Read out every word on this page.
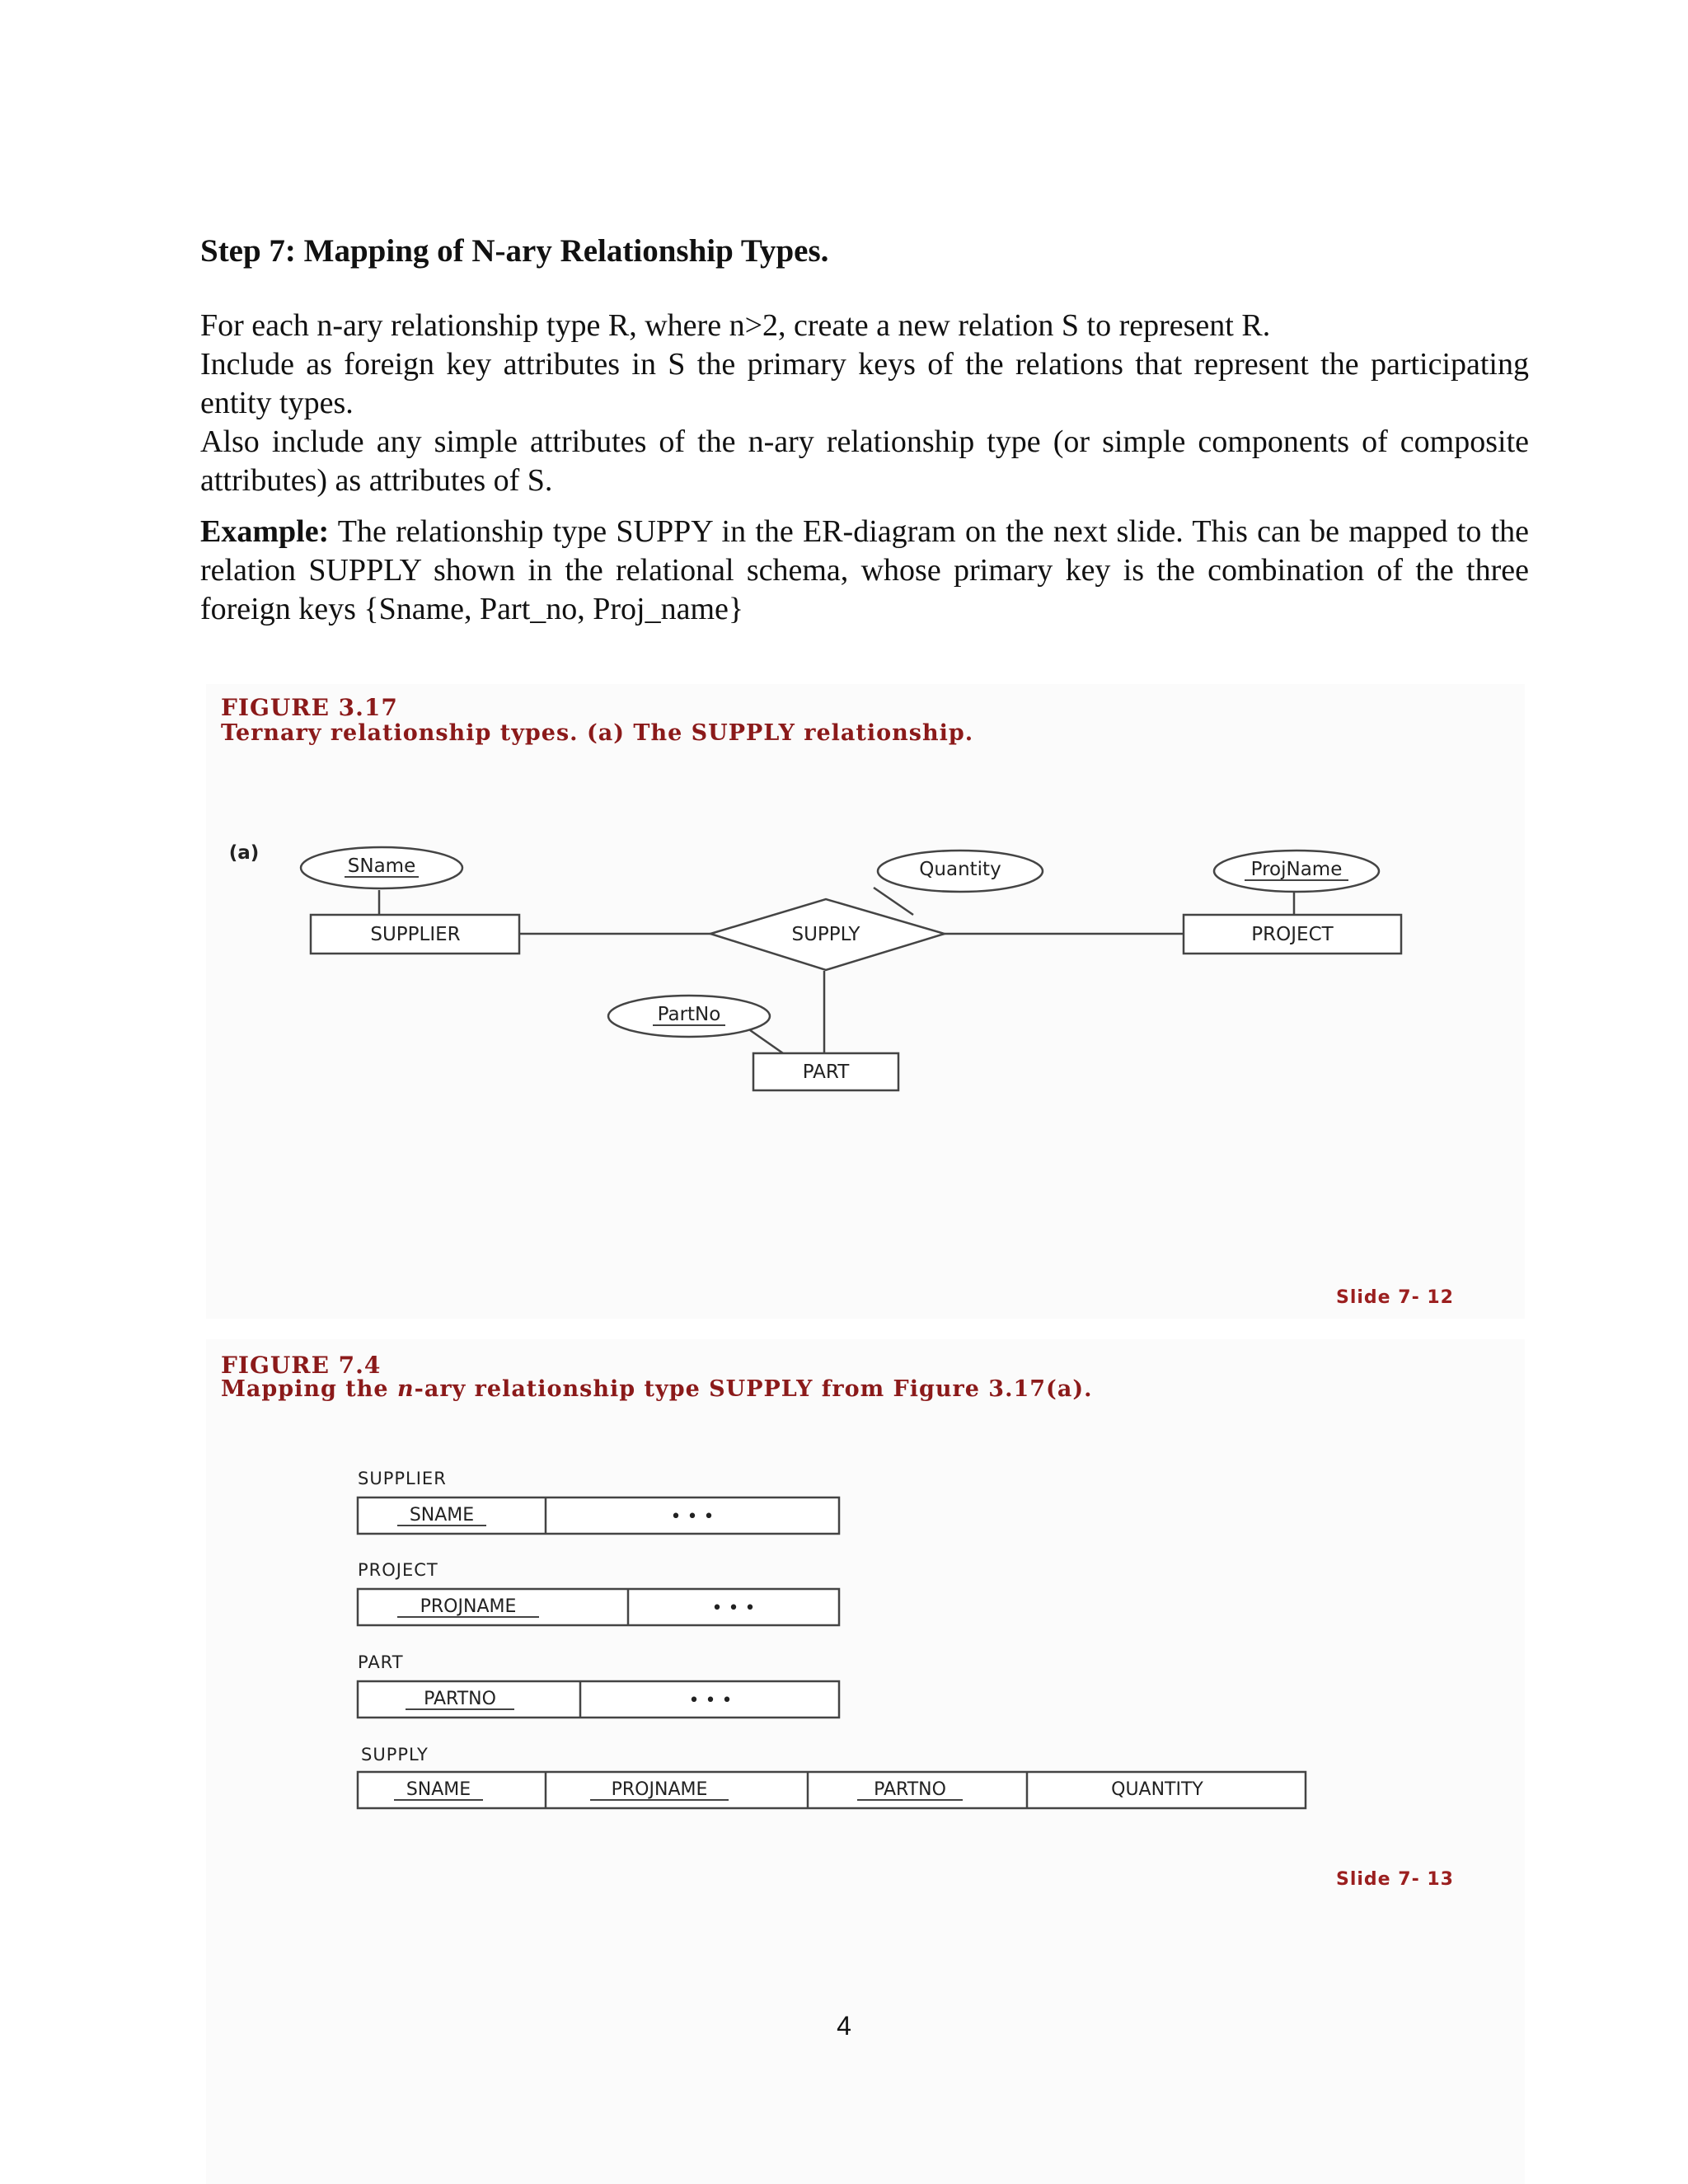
Step 7: Mapping of N-ary Relationship Types.
For each n-ary relationship type R, where n>2, create a new relation S to represent R.
Include as foreign key attributes in S the primary keys of the relations that represent the participating entity types.
Also include any simple attributes of the n-ary relationship type (or simple components of composite attributes) as attributes of S.
Example: The relationship type SUPPY in the ER-diagram on the next slide. This can be mapped to the relation SUPPLY shown in the relational schema, whose primary key is the combination of the three foreign keys {Sname, Part_no, Proj_name}
FIGURE 3.17
Ternary relationship types. (a) The SUPPLY relationship.
(a)
SUPPLIER	PROJECT
PART
SUPPLY
SName	Quantity	ProjName
PartNo
Slide 7- 12
FIGURE 7.4
Mapping the n-ary relationship type SUPPLY from Figure 3.17(a).
SUPPLIER
SNAME	• • •
PROJECT
PROJNAME	• • •
PART
PARTNO	• • •
SUPPLY
SNAME	PROJNAME	PARTNO	QUANTITY
Slide 7- 13
4
